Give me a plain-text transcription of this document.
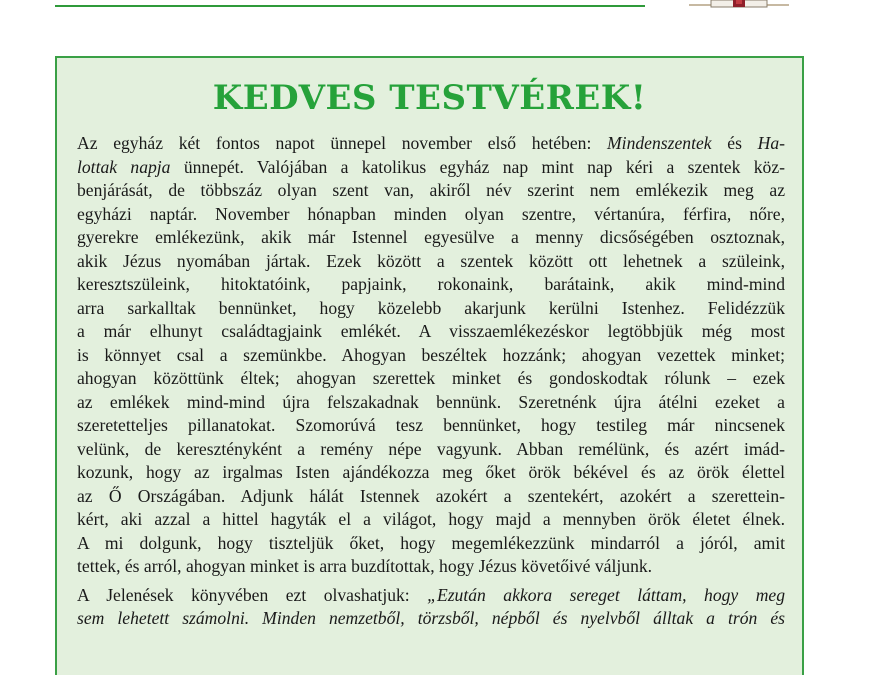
KEDVES TESTVÉREK!
Az egyház két fontos napot ünnepel november első hetében: Mindenszentek és Ha-
lottak napja ünnepét. Valójában a katolikus egyház nap mint nap kéri a szentek köz-
benjárását, de többszáz olyan szent van, akiről név szerint nem emlékezik meg az
egyházi naptár. November hónapban minden olyan szentre, vértanúra, férfira, nőre,
gyerekre emlékezünk, akik már Istennel egyesülve a menny dicsőségében osztoznak,
akik Jézus nyomában jártak. Ezek között a szentek között ott lehetnek a szüleink,
keresztszüleink, hitoktatóink, papjaink, rokonaink, barátaink, akik mind-mind
arra sarkalltak bennünket, hogy közelebb akarjunk kerülni Istenhez. Felidézzük
a már elhunyt családtagjaink emlékét. A visszaemlékezéskor legtöbbjük még most
is könnyet csal a szemünkbe. Ahogyan beszéltek hozzánk; ahogyan vezettek minket;
ahogyan közöttünk éltek; ahogyan szerettek minket és gondoskodtak rólunk – ezek
az emlékek mind-mind újra felszakadnak bennünk. Szeretnénk újra átélni ezeket a
szeretetteljes pillanatokat. Szomorúvá tesz bennünket, hogy testileg már nincsenek
velünk, de keresztényként a remény népe vagyunk. Abban remélünk, és azért imád-
kozunk, hogy az irgalmas Isten ajándékozza meg őket örök békével és az örök élettel
az Ő Országában. Adjunk hálát Istennek azokért a szentekért, azokért a szerettein-
kért, aki azzal a hittel hagyták el a világot, hogy majd a mennyben örök életet élnek.
A mi dolgunk, hogy tiszteljük őket, hogy megemlékezzünk mindarról a jóról, amit
tettek, és arról, ahogyan minket is arra buzdítottak, hogy Jézus követőivé váljunk.
A Jelenések könyvében ezt olvashatjuk: „Ezután akkora sereget láttam, hogy meg
sem lehetett számolni. Minden nemzetből, törzsből, népből és nyelvből álltak a trón és
